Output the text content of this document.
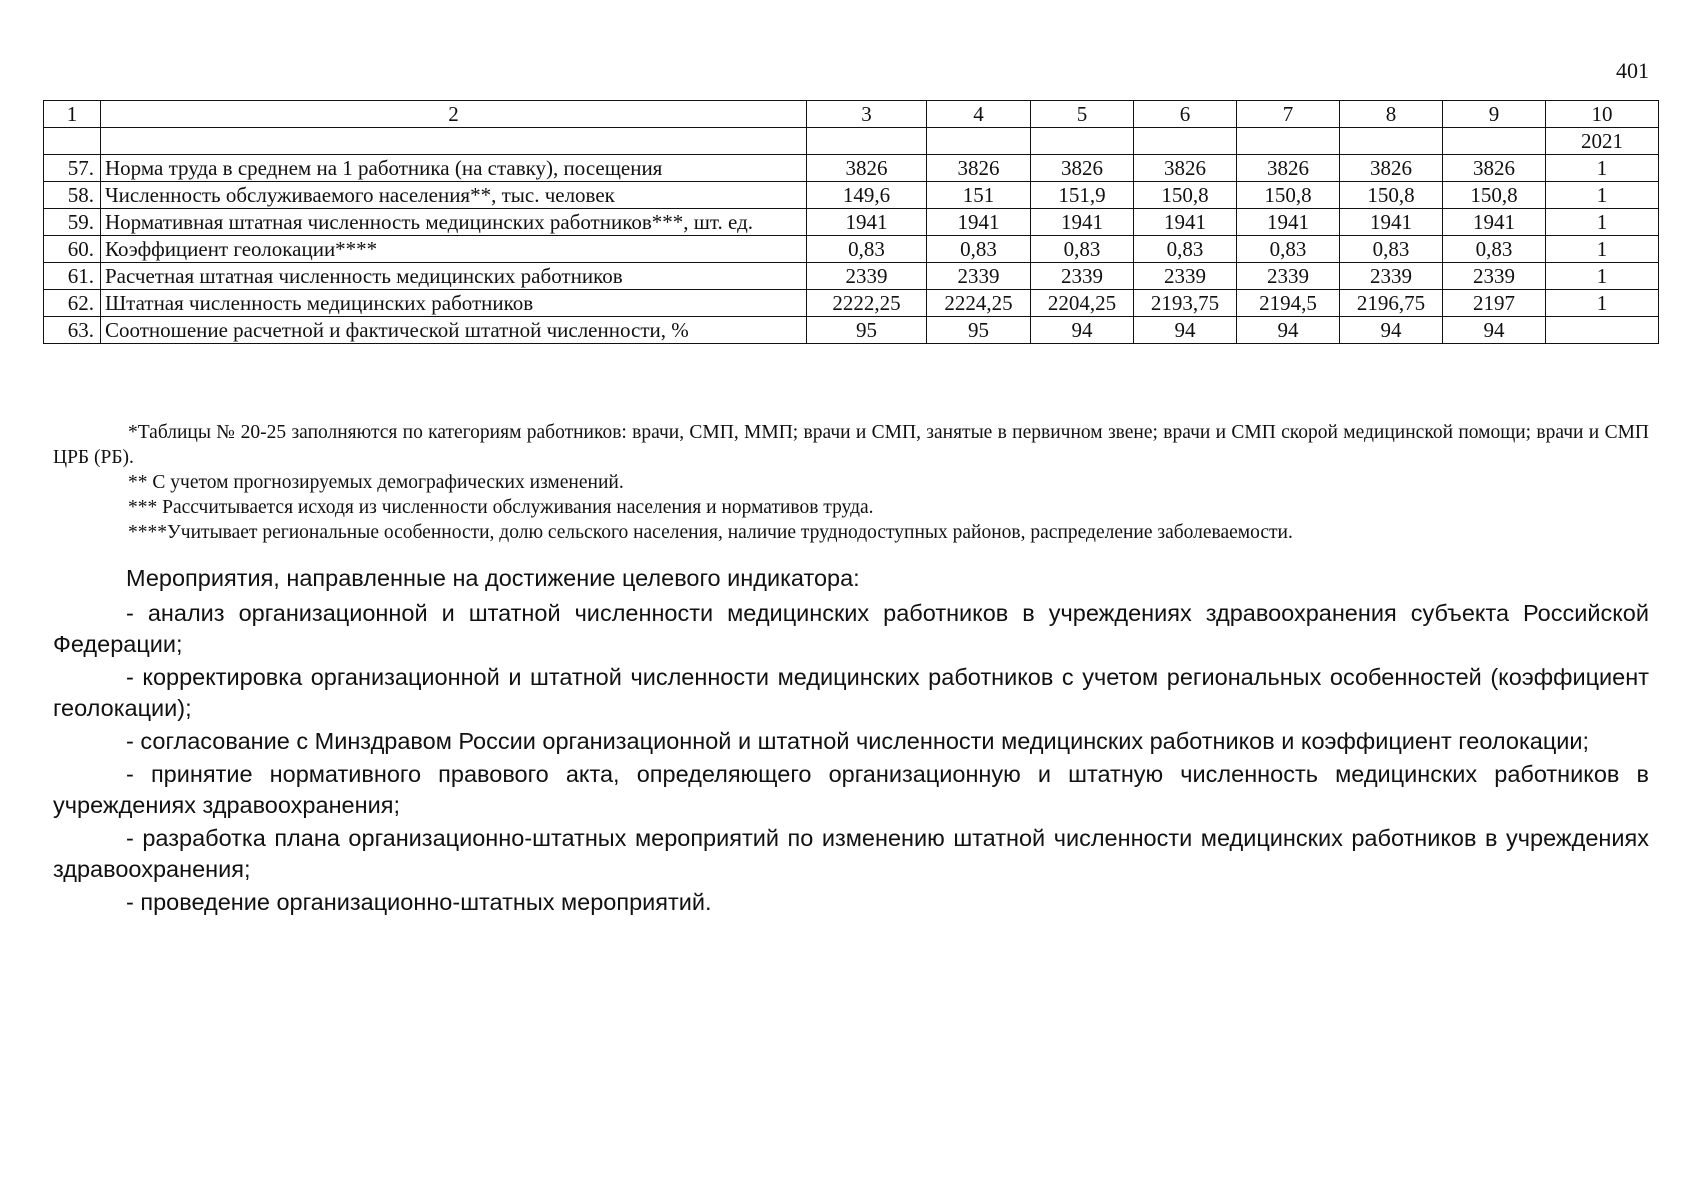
401
1	2	3	4	5	6	7	8	9	10
									2021
57.	Норма труда в среднем на 1 работника (на ставку), посещения	3826	3826	3826	3826	3826	3826	3826	1
58.	Численность обслуживаемого населения**, тыс. человек	149,6	151	151,9	150,8	150,8	150,8	150,8	1
59.	Нормативная штатная численность медицинских работников***, шт. ед.	1941	1941	1941	1941	1941	1941	1941	1
60.	Коэффициент геолокации****	0,83	0,83	0,83	0,83	0,83	0,83	0,83	1
61.	Расчетная штатная численность медицинских работников	2339	2339	2339	2339	2339	2339	2339	1
62.	Штатная численность медицинских работников	2222,25	2224,25	2204,25	2193,75	2194,5	2196,75	2197	1
63.	Соотношение расчетной и фактической штатной численности, %	95	95	94	94	94	94	94	

*Таблицы № 20-25 заполняются по категориям работников: врачи, СМП, ММП; врачи и СМП, занятые в первичном звене; врачи и СМП скорой медицинской помощи; врачи и СМП ЦРБ (РБ).

** С учетом прогнозируемых демографических изменений.

*** Рассчитывается исходя из численности обслуживания населения и нормативов труда.

****Учитывает региональные особенности, долю сельского населения, наличие труднодоступных районов, распределение заболеваемости.

Мероприятия, направленные на достижение целевого индикатора:

- анализ организационной и штатной численности медицинских работников в учреждениях здравоохранения субъекта Российской Федерации;

- корректировка организационной и штатной численности медицинских работников с учетом региональных особенностей (коэффициент геолокации);

- согласование с Минздравом России организационной и штатной численности медицинских работников и коэффициент геолокации;

- принятие нормативного правового акта, определяющего организационную и штатную численность медицинских работников в учреждениях здравоохранения;

- разработка плана организационно-штатных мероприятий по изменению штатной численности медицинских работников в учреждениях здравоохранения;

- проведение организационно-штатных мероприятий.
